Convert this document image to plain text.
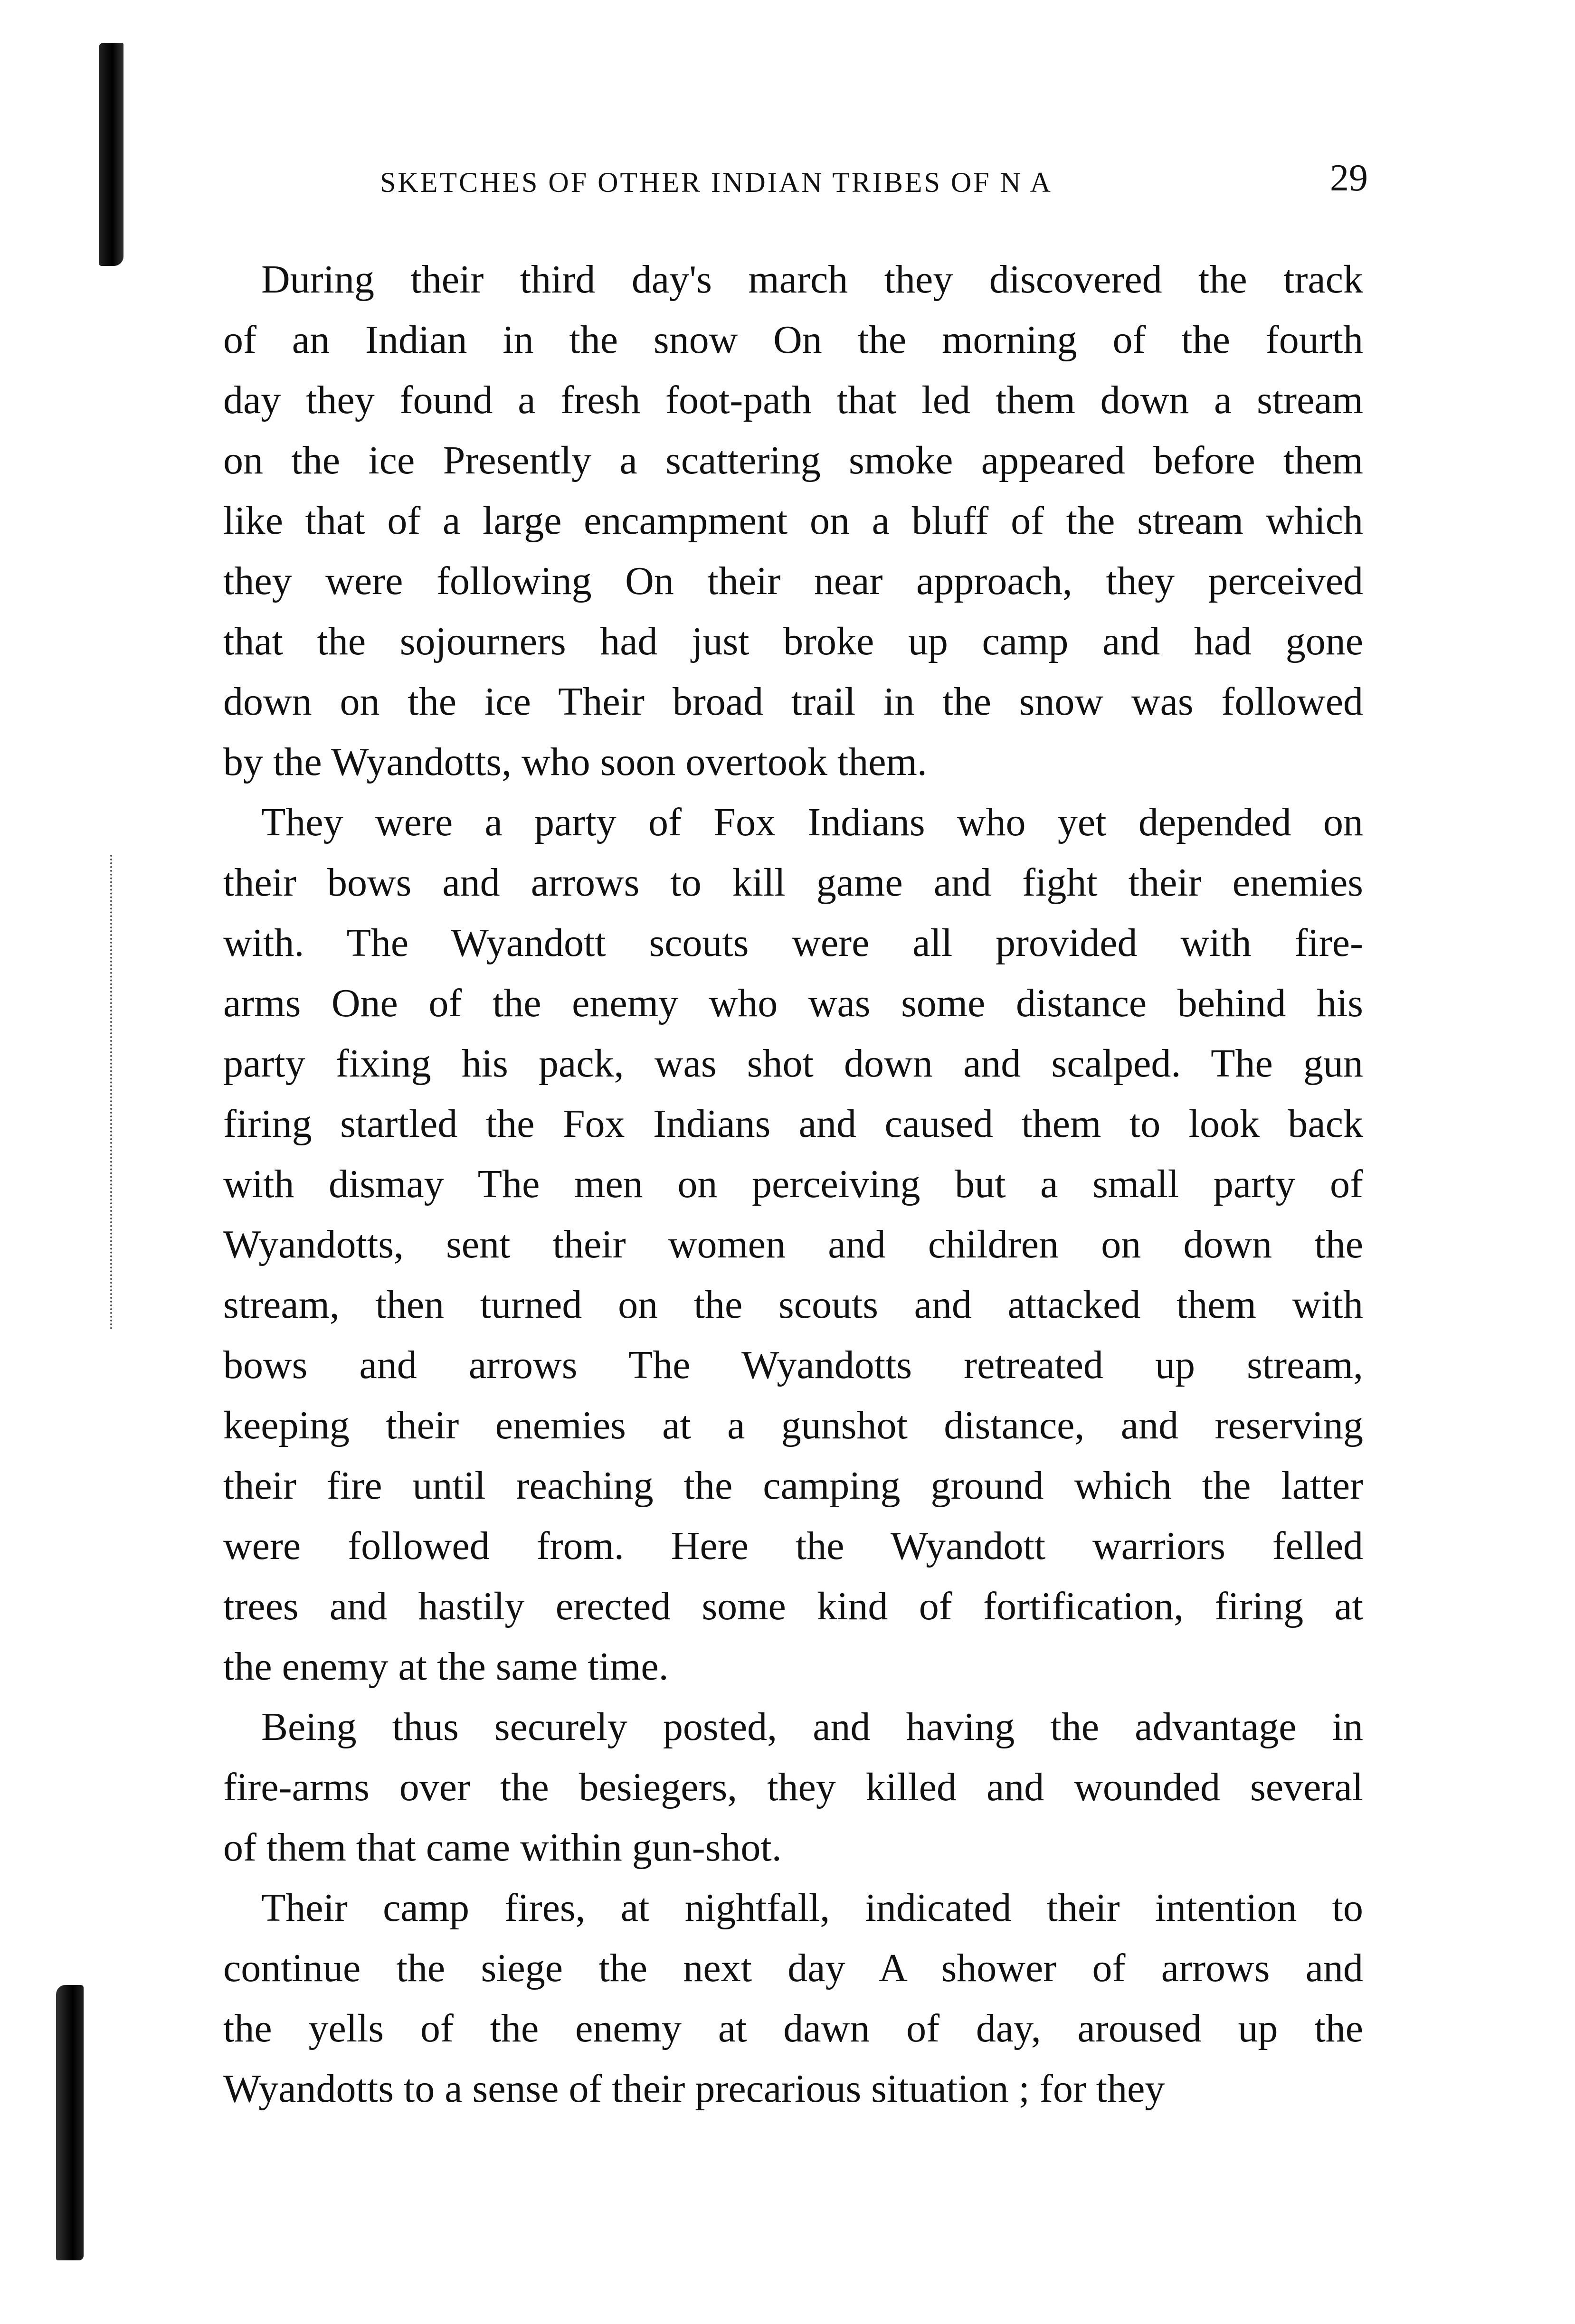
SKETCHES OF OTHER INDIAN TRIBES OF N A	29
During their third day's march they discovered the track
of an Indian in the snow On the morning of the fourth
day they found a fresh foot-path that led them down a stream
on the ice Presently a scattering smoke appeared before them
like that of a large encampment on a bluff of the stream which
they were following On their near approach, they perceived
that the sojourners had just broke up camp and had gone
down on the ice Their broad trail in the snow was followed
by the Wyandotts, who soon overtook them.
They were a party of Fox Indians who yet depended on
their bows and arrows to kill game and fight their enemies
with. The Wyandott scouts were all provided with fire-
arms One of the enemy who was some distance behind his
party fixing his pack, was shot down and scalped. The gun
firing startled the Fox Indians and caused them to look back
with dismay The men on perceiving but a small party of
Wyandotts, sent their women and children on down the
stream, then turned on the scouts and attacked them with
bows and arrows The Wyandotts retreated up stream,
keeping their enemies at a gunshot distance, and reserving
their fire until reaching the camping ground which the latter
were followed from. Here the Wyandott warriors felled
trees and hastily erected some kind of fortification, firing at
the enemy at the same time.
Being thus securely posted, and having the advantage in
fire-arms over the besiegers, they killed and wounded several
of them that came within gun-shot.
Their camp fires, at nightfall, indicated their intention to
continue the siege the next day A shower of arrows and
the yells of the enemy at dawn of day, aroused up the
Wyandotts to a sense of their precarious situation ; for they
